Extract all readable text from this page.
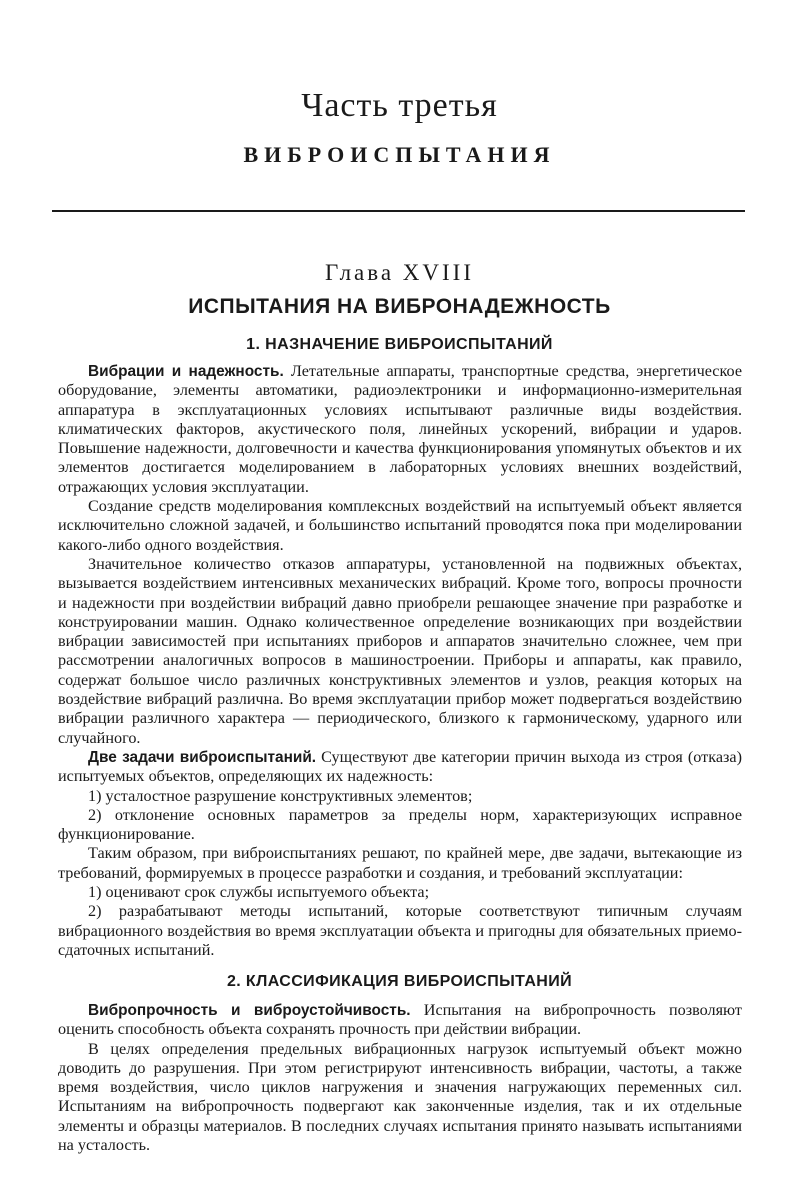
Часть третья
ВИБРОИСПЫТАНИЯ
Глава XVIII
ИСПЫТАНИЯ НА ВИБРОНАДЕЖНОСТЬ
1. НАЗНАЧЕНИЕ ВИБРОИСПЫТАНИЙ

Вибрации и надежность. Летательные аппараты, транспортные средства, энергетическое оборудование, элементы автоматики, радиоэлектроники и информационно-измерительная аппаратура в эксплуатационных условиях испытывают различные виды воздействия. климатических факторов, акустического поля, линейных ускорений, вибрации и ударов. Повышение надежности, долговечности и качества функционирования упомянутых объектов и их элементов достигается моделированием в лабораторных условиях внешних воздействий, отражающих условия эксплуатации.

Создание средств моделирования комплексных воздействий на испытуемый объект является исключительно сложной задачей, и большинство испытаний проводятся пока при моделировании какого-либо одного воздействия.

Значительное количество отказов аппаратуры, установленной на подвижных объектах, вызывается воздействием интенсивных механических вибраций. Кроме того, вопросы прочности и надежности при воздействии вибраций давно приобрели решающее значение при разработке и конструировании машин. Однако количественное определение возникающих при воздействии вибрации зависимостей при испытаниях приборов и аппаратов значительно сложнее, чем при рассмотрении аналогичных вопросов в машиностроении. Приборы и аппараты, как правило, содержат большое число различных конструктивных элементов и узлов, реакция которых на воздействие вибраций различна. Во время эксплуатации прибор может подвергаться воздействию вибрации различного характера — периодического, близкого к гармоническому, ударного или случайного.

Две задачи виброиспытаний. Существуют две категории причин выхода из строя (отказа) испытуемых объектов, определяющих их надежность:

1) усталостное разрушение конструктивных элементов;

2) отклонение основных параметров за пределы норм, характеризующих исправное функционирование.

Таким образом, при виброиспытаниях решают, по крайней мере, две задачи, вытекающие из требований, формируемых в процессе разработки и создания, и требований эксплуатации:

1) оценивают срок службы испытуемого объекта;

2) разрабатывают методы испытаний, которые соответствуют типичным случаям вибрационного воздействия во время эксплуатации объекта и пригодны для обязательных приемо-сдаточных испытаний.

2. КЛАССИФИКАЦИЯ ВИБРОИСПЫТАНИЙ

Вибропрочность и виброустойчивость. Испытания на вибропрочность позволяют оценить способность объекта сохранять прочность при действии вибрации.

В целях определения предельных вибрационных нагрузок испытуемый объект можно доводить до разрушения. При этом регистрируют интенсивность вибрации, частоты, а также время воздействия, число циклов нагружения и значения нагружающих переменных сил. Испытаниям на вибропрочность подвергают как законченные изделия, так и их отдельные элементы и образцы материалов. В последних случаях испытания принято называть испытаниями на усталость.
